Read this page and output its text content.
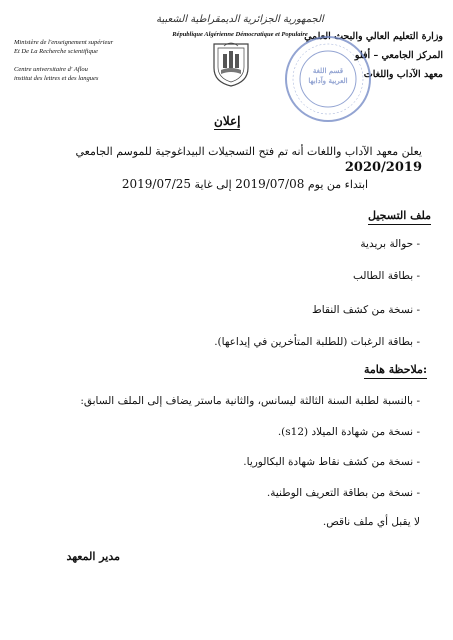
الجمهورية الجزائرية الديمقراطية الشعبية
République Algérienne Démocratique et Populaire
Ministère de l'enseignement supérieur
Et De La Recherche scientifique
Centre universitaire d' Aflou
institut des lettres et des langues
وزارة التعليم العالي والبحث العلمي
المركز الجامعي – أفلو
معهد الآداب واللغات
قسم اللغة
العربية وآدابها
إعلان
يعلن معهد الآداب واللغات أنه تم فتح التسجيلات البيداغوجية للموسم الجامعي 2020/2019
ابتداء من يوم 2019/07/08 إلى غاية 2019/07/25
ملف التسجيل
- حوالة بريدية
- بطاقة الطالب
- نسخة من كشف النقاط
- بطاقة الرغبات (للطلبة المتأخرين في إيداعها).
ملاحظة هامة:
- بالنسبة لطلبة السنة الثالثة ليسانس، والثانية ماستر يضاف إلى الملف السابق:
- نسخة من شهادة الميلاد (s12).
- نسخة من كشف نقاط شهادة البكالوريا.
- نسخة من بطاقة التعريف الوطنية.
لا يقبل أي ملف ناقص.
مدير المعهد
